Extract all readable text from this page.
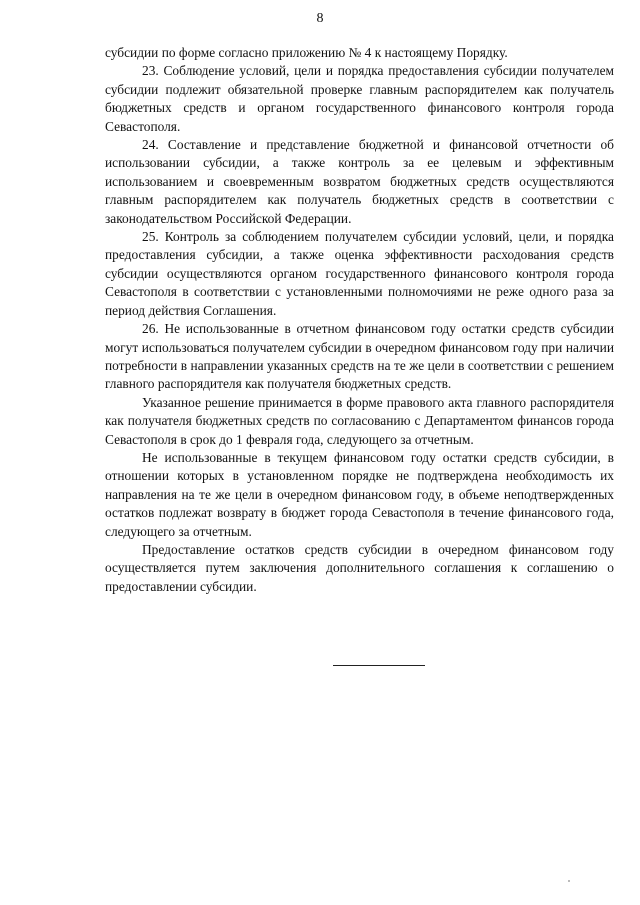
8

субсидии по форме согласно приложению № 4 к настоящему Порядку.

23. Соблюдение условий, цели и порядка предоставления субсидии получателем субсидии подлежит обязательной проверке главным распорядителем как получатель бюджетных средств и органом государственного финансового контроля города Севастополя.

24. Составление и представление бюджетной и финансовой отчетности об использовании субсидии, а также контроль за ее целевым и эффективным использованием и своевременным возвратом бюджетных средств осуществляются главным распорядителем как получатель бюджетных средств в соответствии с законодательством Российской Федерации.

25. Контроль за соблюдением получателем субсидии условий, цели, и порядка предоставления субсидии, а также оценка эффективности расходования средств субсидии осуществляются органом государственного финансового контроля города Севастополя в соответствии с установленными полномочиями не реже одного раза за период действия Соглашения.

26. Не использованные в отчетном финансовом году остатки средств субсидии могут использоваться получателем субсидии в очередном финансовом году при наличии потребности в направлении указанных средств на те же цели в соответствии с решением главного распорядителя как получателя бюджетных средств.

Указанное решение принимается в форме правового акта главного распорядителя как получателя бюджетных средств по согласованию с Департаментом финансов города Севастополя в срок до 1 февраля года, следующего за отчетным.

Не использованные в текущем финансовом году остатки средств субсидии, в отношении которых в установленном порядке не подтверждена необходимость их направления на те же цели в очередном финансовом году, в объеме неподтвержденных остатков подлежат возврату в бюджет города Севастополя в течение финансового года, следующего за отчетным.

Предоставление остатков средств субсидии в очередном финансовом году осуществляется путем заключения дополнительного соглашения к соглашению о предоставлении субсидии.
